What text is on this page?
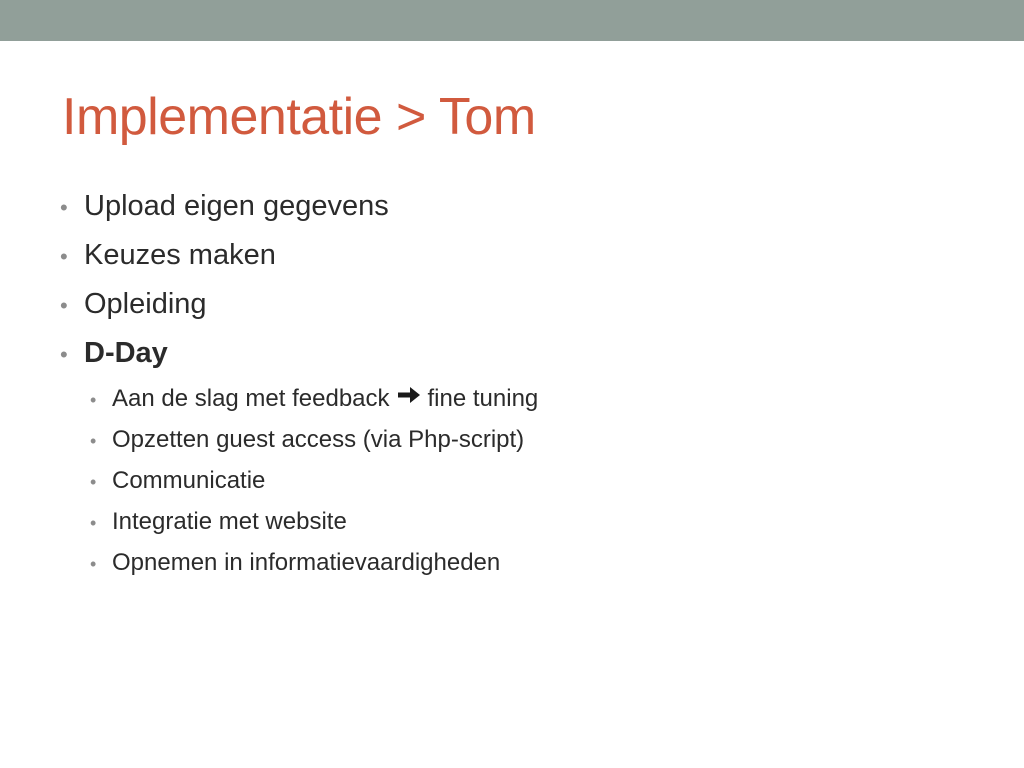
Implementatie > Tom
• Upload eigen gegevens
• Keuzes maken
• Opleiding
• D-Day
• Aan de slag met feedback fine tuning
• Opzetten guest access (via Php-script)
• Communicatie
• Integratie met website
• Opnemen in informatievaardigheden
